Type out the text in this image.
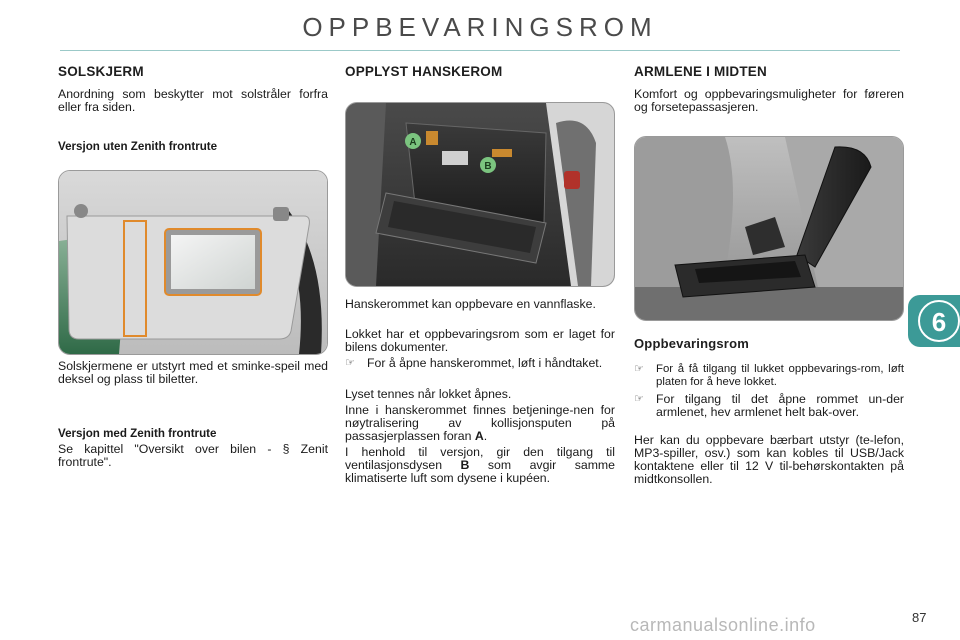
OPPBEVARINGSROM
SOLSKJERM

Anordning som beskytter mot solstråler forfra eller fra siden.

Versjon uten Zenith frontrute

Solskjermene er utstyrt med et sminke-speil med deksel og plass til biletter.

Versjon med Zenith frontrute

Se kapittel "Oversikt over bilen - § Zenit frontrute".

OPPLYST HANSKEROM
A
B

Hanskerommet kan oppbevare en vannflaske.

Lokket har et oppbevaringsrom som er laget for bilens dokumenter.

☞ For å åpne hanskerommet, løft i håndtaket.

Lyset tennes når lokket åpnes.

Inne i hanskerommet finnes betjeninge-nen for nøytralisering av kollisjonsputen på passasjerplassen foran A.

I henhold til versjon, gir den tilgang til ventilasjonsdysen B som avgir samme klimatiserte luft som dysene i kupéen.

ARMLENE I MIDTEN

Komfort og oppbevaringsmuligheter for føreren og forsetepassasjeren.

Oppbevaringsrom
☞	For å få tilgang til lukket oppbevarings-rom, løft platen for å heve lokket.
☞ For tilgang til det åpne rommet un-der armlenet, hev armlenet helt bak-over.

Her kan du oppbevare bærbart utstyr (te-lefon, MP3-spiller, osv.) som kan kobles til USB/Jack kontaktene eller til 12 V til-behørskontakten på midtkonsollen.

6
87
carmanualsonline.info
